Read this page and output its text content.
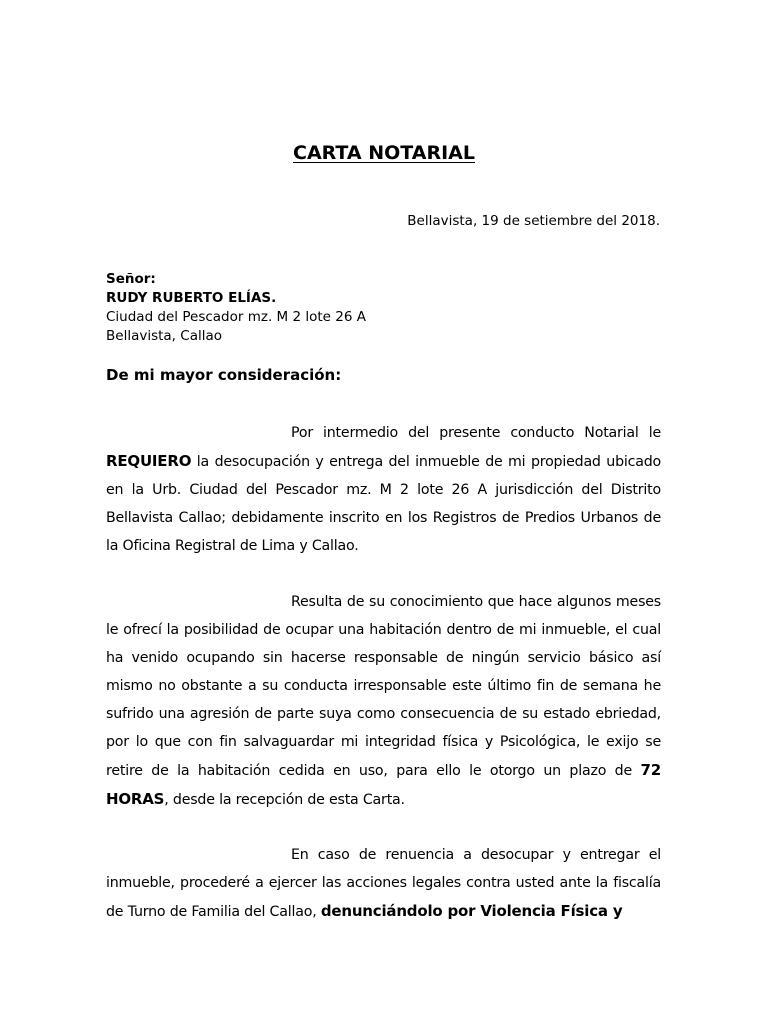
CARTA NOTARIAL
Bellavista, 19 de setiembre del 2018.
Señor:
RUDY RUBERTO ELÍAS.
Ciudad del Pescador mz. M 2 lote 26 A
Bellavista, Callao
De mi mayor consideración:
Por intermedio del presente conducto Notarial le REQUIERO la desocupación y entrega del inmueble de mi propiedad ubicado en la Urb. Ciudad del Pescador mz. M 2 lote 26 A jurisdicción del Distrito Bellavista Callao; debidamente inscrito en los Registros de Predios Urbanos de la Oficina Registral de Lima y Callao.
Resulta de su conocimiento que hace algunos meses le ofrecí la posibilidad de ocupar una habitación dentro de mi inmueble, el cual ha venido ocupando sin hacerse responsable de ningún servicio básico así mismo no obstante a su conducta irresponsable este último fin de semana he sufrido una agresión de parte suya como consecuencia de su estado ebriedad, por lo que con fin salvaguardar mi integridad física y Psicológica, le exijo se retire de la habitación cedida en uso, para ello le otorgo un plazo de 72 HORAS, desde la recepción de esta Carta.
En caso de renuencia a desocupar y entregar el inmueble, procederé a ejercer las acciones legales contra usted ante la fiscalía de Turno de Familia del Callao, denunciándolo por Violencia Física y
